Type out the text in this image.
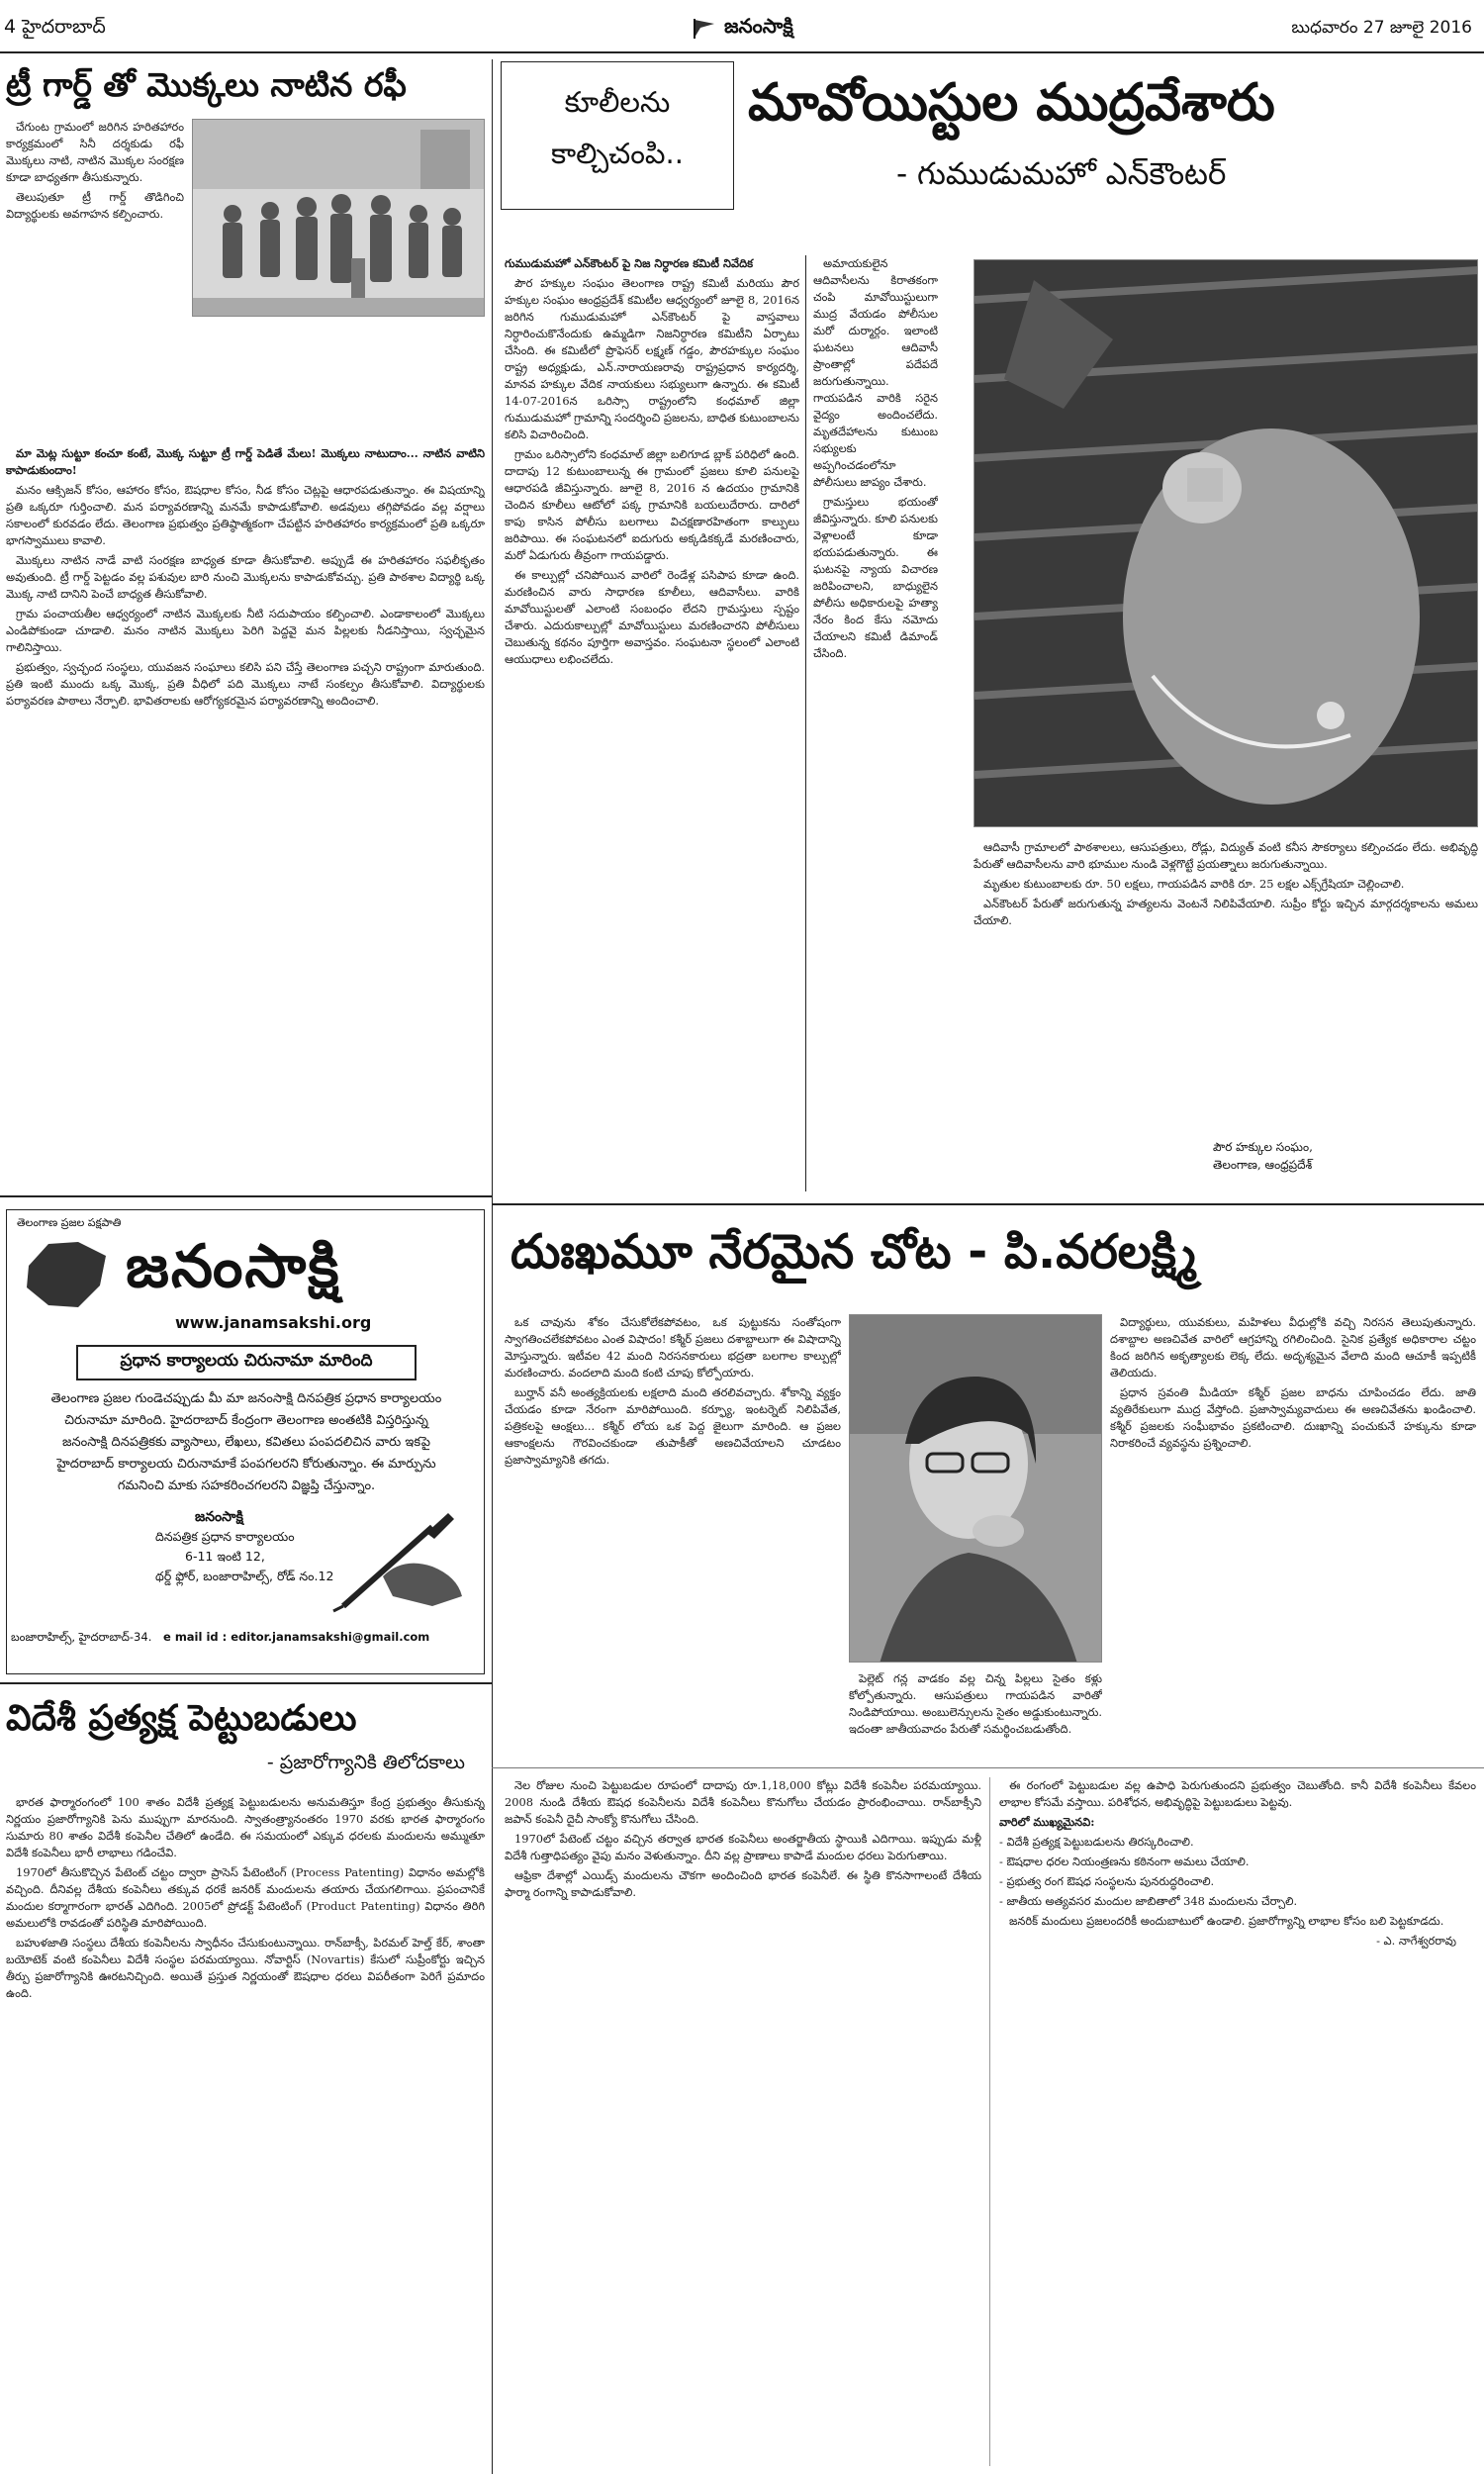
4 హైదరాబాద్	జనంసాక్షి	బుధవారం 27 జూలై 2016
ట్రీ గార్డ్ తో మొక్కలు నాటిన రఫీ

చేగుంట గ్రామంలో జరిగిన హరితహారం కార్యక్రమంలో సినీ దర్శకుడు రఫీ మొక్కలు నాటి, నాటిన మొక్కల సంరక్షణ కూడా బాధ్యతగా తీసుకున్నారు.

తెలుపుతూ ట్రీ గార్డ్ తొడిగించి విద్యార్థులకు అవగాహన కల్పించారు.

మా మెట్ల సుట్టూ కంచూ కంటే, మొక్క సుట్టూ ట్రీ గార్డ్ పెడితే మేలు! మొక్కలు నాటుదాం... నాటిన వాటిని కాపాడుకుందాం!

మనం ఆక్సిజన్ కోసం, ఆహారం కోసం, ఔషధాల కోసం, నీడ కోసం చెట్లపై ఆధారపడుతున్నాం. ఈ విషయాన్ని ప్రతి ఒక్కరూ గుర్తించాలి. మన పర్యావరణాన్ని మనమే కాపాడుకోవాలి. అడవులు తగ్గిపోవడం వల్ల వర్షాలు సకాలంలో కురవడం లేదు. తెలంగాణ ప్రభుత్వం ప్రతిష్ఠాత్మకంగా చేపట్టిన హరితహారం కార్యక్రమంలో ప్రతి ఒక్కరూ భాగస్వాములు కావాలి.

మొక్కలు నాటిన నాడే వాటి సంరక్షణ బాధ్యత కూడా తీసుకోవాలి. అప్పుడే ఈ హరితహారం సఫలీకృతం అవుతుంది. ట్రీ గార్డ్ పెట్టడం వల్ల పశువుల బారి నుంచి మొక్కలను కాపాడుకోవచ్చు. ప్రతి పాఠశాల విద్యార్థి ఒక్క మొక్క నాటి దానిని పెంచే బాధ్యత తీసుకోవాలి.

గ్రామ పంచాయతీల ఆధ్వర్యంలో నాటిన మొక్కలకు నీటి సదుపాయం కల్పించాలి. ఎండాకాలంలో మొక్కలు ఎండిపోకుండా చూడాలి. మనం నాటిన మొక్కలు పెరిగి పెద్దవై మన పిల్లలకు నీడనిస్తాయి, స్వచ్ఛమైన గాలినిస్తాయి.

ప్రభుత్వం, స్వచ్ఛంద సంస్థలు, యువజన సంఘాలు కలిసి పని చేస్తే తెలంగాణ పచ్చని రాష్ట్రంగా మారుతుంది. ప్రతి ఇంటి ముందు ఒక్క మొక్క, ప్రతి వీధిలో పది మొక్కలు నాటే సంకల్పం తీసుకోవాలి. విద్యార్థులకు పర్యావరణ పాఠాలు నేర్పాలి. భావితరాలకు ఆరోగ్యకరమైన పర్యావరణాన్ని అందించాలి.

తెలంగాణ ప్రజల పక్షపాతి
జనంసాక్షి
www.janamsakshi.org
ప్రధాన కార్యాలయ చిరునామా మారింది
తెలంగాణ ప్రజల గుండెచప్పుడు మీ మా జనంసాక్షి దినపత్రిక ప్రధాన కార్యాలయం
చిరునామా మారింది. హైదరాబాద్ కేంద్రంగా తెలంగాణ అంతటికి విస్తరిస్తున్న
జనంసాక్షి దినపత్రికకు వ్యాసాలు, లేఖలు, కవితలు పంపదలిచిన వారు ఇకపై
హైదరాబాద్ కార్యాలయ చిరునామాకే పంపగలరని కోరుతున్నాం. ఈ మార్పును
గమనించి మాకు సహకరించగలరని విజ్ఞప్తి చేస్తున్నాం.
జనంసాక్షి
దినపత్రిక ప్రధాన కార్యాలయం
6-11 ఇంటి 12,
థర్డ్ ఫ్లోర్, బంజారాహిల్స్, రోడ్ నం.12
బంజారాహిల్స్, హైదరాబాద్-34. e mail id : editor.janamsakshi@gmail.com
విదేశీ ప్రత్యక్ష పెట్టుబడులు
- ప్రజారోగ్యానికి తిలోదకాలు

భారత ఫార్మారంగంలో 100 శాతం విదేశీ ప్రత్యక్ష పెట్టుబడులను అనుమతిస్తూ కేంద్ర ప్రభుత్వం తీసుకున్న నిర్ణయం ప్రజారోగ్యానికి పెను ముప్పుగా మారనుంది. స్వాతంత్ర్యానంతరం 1970 వరకు భారత ఫార్మారంగం సుమారు 80 శాతం విదేశీ కంపెనీల చేతిలో ఉండేది. ఈ సమయంలో ఎక్కువ ధరలకు మందులను అమ్ముతూ విదేశీ కంపెనీలు భారీ లాభాలు గడించేవి.

1970లో తీసుకొచ్చిన పేటెంట్ చట్టం ద్వారా ప్రాసెస్ పేటెంటింగ్ (Process Patenting) విధానం అమల్లోకి వచ్చింది. దీనివల్ల దేశీయ కంపెనీలు తక్కువ ధరకే జనరిక్ మందులను తయారు చేయగలిగాయి. ప్రపంచానికే మందుల కర్మాగారంగా భారత్ ఎదిగింది. 2005లో ప్రోడక్ట్ పేటెంటింగ్ (Product Patenting) విధానం తిరిగి అమలులోకి రావడంతో పరిస్థితి మారిపోయింది.

బహుళజాతి సంస్థలు దేశీయ కంపెనీలను స్వాధీనం చేసుకుంటున్నాయి. రాన్‌బాక్సీ, పిరమల్ హెల్త్ కేర్, శాంతా బయోటెక్ వంటి కంపెనీలు విదేశీ సంస్థల పరమయ్యాయి. నోవార్టిస్ (Novartis) కేసులో సుప్రీంకోర్టు ఇచ్చిన తీర్పు ప్రజారోగ్యానికి ఊరటనిచ్చింది. అయితే ప్రస్తుత నిర్ణయంతో ఔషధాల ధరలు విపరీతంగా పెరిగే ప్రమాదం ఉంది.

కూలీలను
కాల్చిచంపి..
మావోయిస్టుల ముద్రవేశారు
- గుముడుమహో ఎన్‌కౌంటర్

గుముడుమహో ఎన్‌కౌంటర్ పై నిజ నిర్ధారణ కమిటీ నివేదిక

పౌర హక్కుల సంఘం తెలంగాణ రాష్ట్ర కమిటీ మరియు పౌర హక్కుల సంఘం ఆంధ్రప్రదేశ్ కమిటీల ఆధ్వర్యంలో జూలై 8, 2016న జరిగిన గుముడుమహో ఎన్‌కౌంటర్ పై వాస్తవాలు నిర్ధారించుకొనేందుకు ఉమ్మడిగా నిజనిర్ధారణ కమిటీని ఏర్పాటు చేసింది. ఈ కమిటీలో ప్రొఫెసర్ లక్ష్మణ్ గడ్డం, పౌరహక్కుల సంఘం రాష్ట్ర అధ్యక్షుడు, ఎన్.నారాయణరావు రాష్ట్రప్రధాన కార్యదర్శి, మానవ హక్కుల వేదిక నాయకులు సభ్యులుగా ఉన్నారు. ఈ కమిటీ 14-07-2016న ఒరిస్సా రాష్ట్రంలోని కంధమాల్ జిల్లా గుముడుమహో గ్రామాన్ని సందర్శించి ప్రజలను, బాధిత కుటుంబాలను కలిసి విచారించింది.

గ్రామం ఒరిస్సాలోని కంధమాల్ జిల్లా బలిగూడ బ్లాక్ పరిధిలో ఉంది. దాదాపు 12 కుటుంబాలున్న ఈ గ్రామంలో ప్రజలు కూలి పనులపై ఆధారపడి జీవిస్తున్నారు. జూలై 8, 2016 న ఉదయం గ్రామానికి చెందిన కూలీలు ఆటోలో పక్క గ్రామానికి బయలుదేరారు. దారిలో కాపు కాసిన పోలీసు బలగాలు విచక్షణారహితంగా కాల్పులు జరిపాయి. ఈ సంఘటనలో ఐదుగురు అక్కడికక్కడే మరణించారు, మరో ఏడుగురు తీవ్రంగా గాయపడ్డారు.

ఈ కాల్పుల్లో చనిపోయిన వారిలో రెండేళ్ల పసిపాప కూడా ఉంది. మరణించిన వారు సాధారణ కూలీలు, ఆదివాసీలు. వారికి మావోయిస్టులతో ఎలాంటి సంబంధం లేదని గ్రామస్తులు స్పష్టం చేశారు. ఎదురుకాల్పుల్లో మావోయిస్టులు మరణించారని పోలీసులు చెబుతున్న కథనం పూర్తిగా అవాస్తవం. సంఘటనా స్థలంలో ఎలాంటి ఆయుధాలు లభించలేదు.

అమాయకులైన ఆదివాసీలను కిరాతకంగా చంపి మావోయిస్టులుగా ముద్ర వేయడం పోలీసుల మరో దుర్మార్గం. ఇలాంటి ఘటనలు ఆదివాసీ ప్రాంతాల్లో పదేపదే జరుగుతున్నాయి. గాయపడిన వారికి సరైన వైద్యం అందించలేదు. మృతదేహాలను కుటుంబ సభ్యులకు అప్పగించడంలోనూ పోలీసులు జాప్యం చేశారు.

గ్రామస్తులు భయంతో జీవిస్తున్నారు. కూలి పనులకు వెళ్లాలంటే కూడా భయపడుతున్నారు. ఈ ఘటనపై న్యాయ విచారణ జరిపించాలని, బాధ్యులైన పోలీసు అధికారులపై హత్యా నేరం కింద కేసు నమోదు చేయాలని కమిటీ డిమాండ్ చేసింది.

ఆదివాసీ గ్రామాలలో పాఠశాలలు, ఆసుపత్రులు, రోడ్లు, విద్యుత్ వంటి కనీస సౌకర్యాలు కల్పించడం లేదు. అభివృద్ధి పేరుతో ఆదివాసీలను వారి భూముల నుండి వెళ్లగొట్టే ప్రయత్నాలు జరుగుతున్నాయి.

మృతుల కుటుంబాలకు రూ. 50 లక్షలు, గాయపడిన వారికి రూ. 25 లక్షల ఎక్స్‌గ్రేషియా చెల్లించాలి.

ఎన్‌కౌంటర్ పేరుతో జరుగుతున్న హత్యలను వెంటనే నిలిపివేయాలి. సుప్రీం కోర్టు ఇచ్చిన మార్గదర్శకాలను అమలు చేయాలి.

పౌర హక్కుల సంఘం,
తెలంగాణ, ఆంధ్రప్రదేశ్
దుఃఖమూ నేరమైన చోట - పి.వరలక్ష్మి

ఒక చావును శోకం చేసుకోలేకపోవటం, ఒక పుట్టుకను సంతోషంగా స్వాగతించలేకపోవటం ఎంత విషాదం! కశ్మీర్ ప్రజలు దశాబ్దాలుగా ఈ విషాదాన్ని మోస్తున్నారు. ఇటీవల 42 మంది నిరసనకారులు భద్రతా బలగాల కాల్పుల్లో మరణించారు. వందలాది మంది కంటి చూపు కోల్పోయారు.

బుర్హాన్ వనీ అంత్యక్రియలకు లక్షలాది మంది తరలివచ్చారు. శోకాన్ని వ్యక్తం చేయడం కూడా నేరంగా మారిపోయింది. కర్ఫ్యూ, ఇంటర్నెట్ నిలిపివేత, పత్రికలపై ఆంక్షలు... కశ్మీర్ లోయ ఒక పెద్ద జైలుగా మారింది. ఆ ప్రజల ఆకాంక్షలను గౌరవించకుండా తుపాకీతో అణచివేయాలని చూడటం ప్రజాస్వామ్యానికి తగదు.

పెల్లెట్ గన్ల వాడకం వల్ల చిన్న పిల్లలు సైతం కళ్లు కోల్పోతున్నారు. ఆసుపత్రులు గాయపడిన వారితో నిండిపోయాయి. అంబులెన్సులను సైతం అడ్డుకుంటున్నారు. ఇదంతా జాతీయవాదం పేరుతో సమర్థించబడుతోంది.

విద్యార్థులు, యువకులు, మహిళలు వీధుల్లోకి వచ్చి నిరసన తెలుపుతున్నారు. దశాబ్దాల అణచివేత వారిలో ఆగ్రహాన్ని రగిలించింది. సైనిక ప్రత్యేక అధికారాల చట్టం కింద జరిగిన అకృత్యాలకు లెక్క లేదు. అదృశ్యమైన వేలాది మంది ఆచూకీ ఇప్పటికీ తెలియదు.

ప్రధాన స్రవంతి మీడియా కశ్మీర్ ప్రజల బాధను చూపించడం లేదు. జాతి వ్యతిరేకులుగా ముద్ర వేస్తోంది. ప్రజాస్వామ్యవాదులు ఈ అణచివేతను ఖండించాలి. కశ్మీర్ ప్రజలకు సంఘీభావం ప్రకటించాలి. దుఃఖాన్ని పంచుకునే హక్కును కూడా నిరాకరించే వ్యవస్థను ప్రశ్నించాలి.

నెల రోజుల నుంచి పెట్టుబడుల రూపంలో దాదాపు రూ.1,18,000 కోట్లు విదేశీ కంపెనీల పరమయ్యాయి. 2008 నుండి దేశీయ ఔషధ కంపెనీలను విదేశీ కంపెనీలు కొనుగోలు చేయడం ప్రారంభించాయి. రాన్‌బాక్సీని జపాన్ కంపెనీ దైచీ సాంక్యో కొనుగోలు చేసింది.

1970లో పేటెంట్ చట్టం వచ్చిన తర్వాత భారత కంపెనీలు అంతర్జాతీయ స్థాయికి ఎదిగాయి. ఇప్పుడు మళ్లీ విదేశీ గుత్తాధిపత్యం వైపు మనం వెళుతున్నాం. దీని వల్ల ప్రాణాలు కాపాడే మందుల ధరలు పెరుగుతాయి.

ఆఫ్రికా దేశాల్లో ఎయిడ్స్ మందులను చౌకగా అందించింది భారత కంపెనీలే. ఈ స్థితి కొనసాగాలంటే దేశీయ ఫార్మా రంగాన్ని కాపాడుకోవాలి.

ఈ రంగంలో పెట్టుబడుల వల్ల ఉపాధి పెరుగుతుందని ప్రభుత్వం చెబుతోంది. కానీ విదేశీ కంపెనీలు కేవలం లాభాల కోసమే వస్తాయి. పరిశోధన, అభివృద్ధిపై పెట్టుబడులు పెట్టవు.

వారిలో ముఖ్యమైనవి:

- విదేశీ ప్రత్యక్ష పెట్టుబడులను తిరస్కరించాలి.

- ఔషధాల ధరల నియంత్రణను కఠినంగా అమలు చేయాలి.

- ప్రభుత్వ రంగ ఔషధ సంస్థలను పునరుద్ధరించాలి.

- జాతీయ అత్యవసర మందుల జాబితాలో 348 మందులను చేర్చాలి.

జనరిక్ మందులు ప్రజలందరికీ అందుబాటులో ఉండాలి. ప్రజారోగ్యాన్ని లాభాల కోసం బలి పెట్టకూడదు.

- ఎ. నాగేశ్వరరావు
